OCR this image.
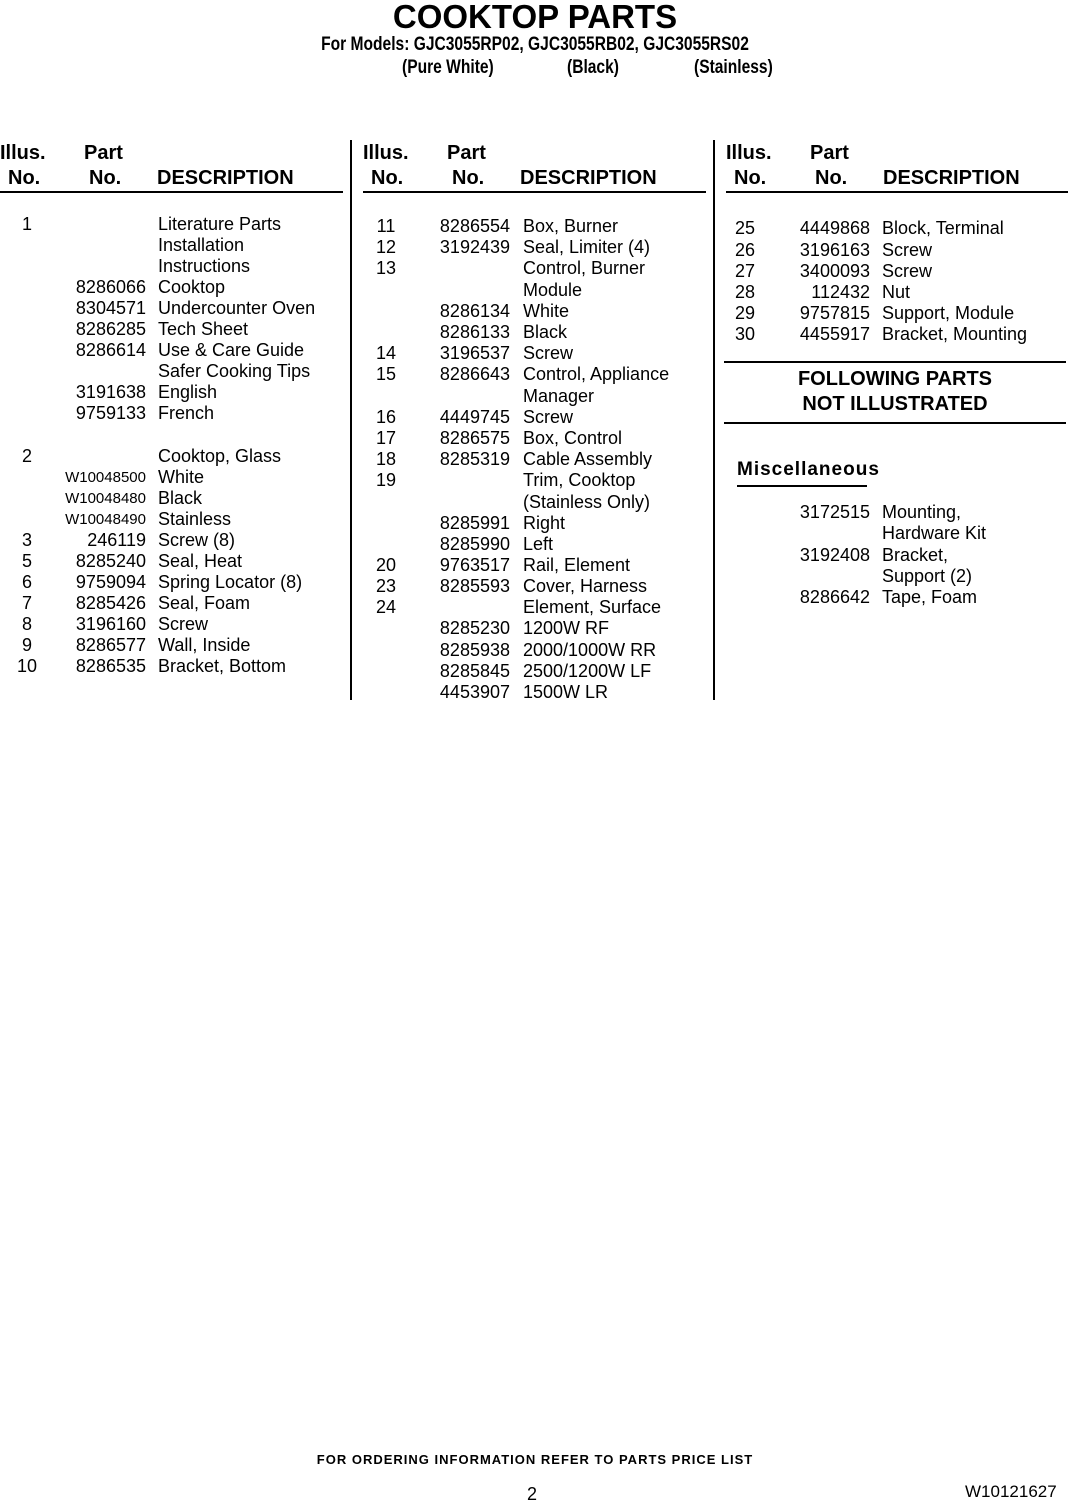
COOKTOP PARTS
For Models: GJC3055RP02, GJC3055RB02, GJC3055RS02
(Pure White)	(Black)	(Stainless)
Illus.
No.
Part
No. DESCRIPTION
Illus.
No.
Part
No. DESCRIPTION
Illus.
No.
Part
No. DESCRIPTION
1	Literature Parts
Installation
Instructions
8286066 Cooktop
8304571 Undercounter Oven
8286285 Tech Sheet
8286614 Use & Care Guide
Safer Cooking Tips
3191638 English
9759133 French
2	Cooktop, Glass
W10048500 White
W10048480 Black
W10048490 Stainless
3	246119 Screw (8)
5	8285240 Seal, Heat
6	9759094 Spring Locator (8)
7	8285426 Seal, Foam
8	3196160 Screw
9	8286577 Wall, Inside
10	8286535 Bracket, Bottom
11	8286554 Box, Burner
12	3192439 Seal, Limiter (4)
13	Control, Burner
Module
8286134 White
8286133 Black
14	3196537 Screw
15	8286643 Control, Appliance
Manager
16	4449745 Screw
17	8286575 Box, Control
18	8285319 Cable Assembly
19	Trim, Cooktop
(Stainless Only)
8285991 Right
8285990 Left
20	9763517 Rail, Element
23	8285593 Cover, Harness
24	Element, Surface
8285230 1200W RF
8285938 2000/1000W RR
8285845 2500/1200W LF
4453907 1500W LR
25	4449868 Block, Terminal
26	3196163 Screw
27	3400093 Screw
28	112432 Nut
29	9757815 Support, Module
30	4455917 Bracket, Mounting
FOLLOWING PARTS
NOT ILLUSTRATED
Miscellaneous
3172515 Mounting,
Hardware Kit
3192408 Bracket,
Support (2)
8286642 Tape, Foam
FOR ORDERING INFORMATION REFER TO PARTS PRICE LIST
2	W10121627
